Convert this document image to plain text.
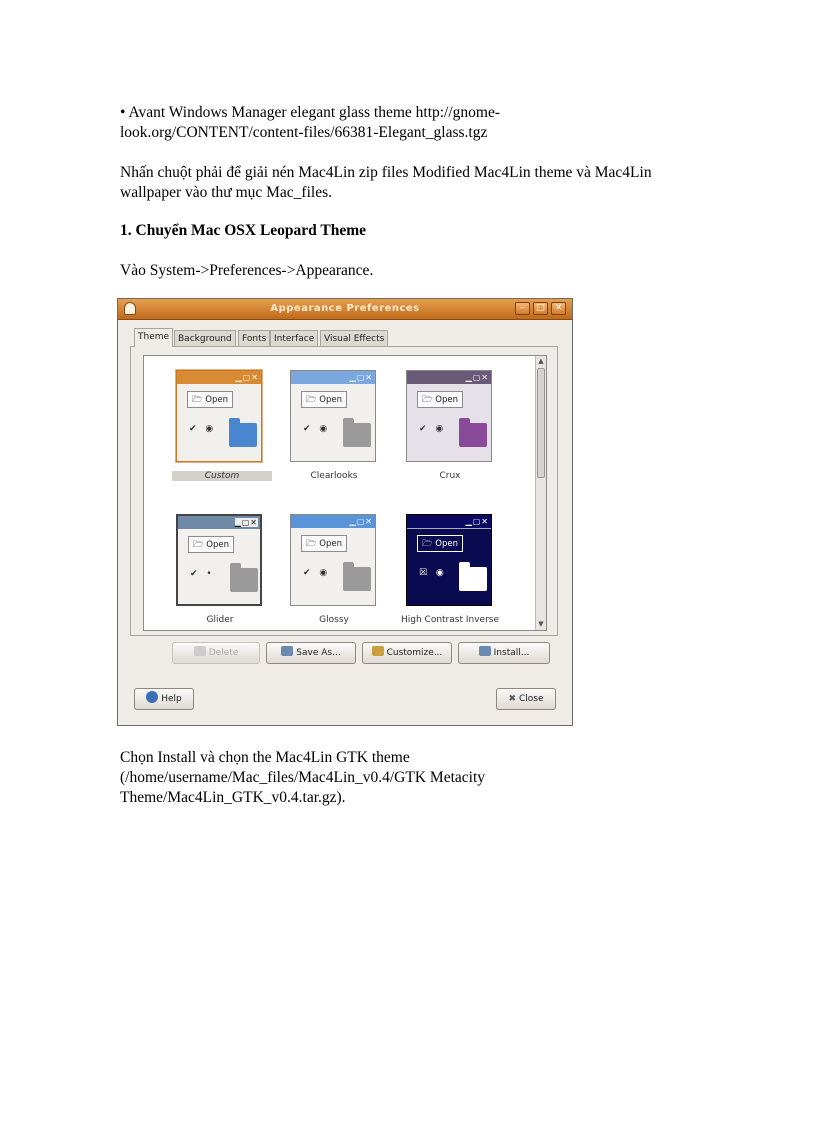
• Avant Windows Manager elegant glass theme http://gnome-
look.org/CONTENT/content-files/66381-Elegant_glass.tgz
Nhấn chuột phải để giải nén Mac4Lin zip files Modified Mac4Lin theme và Mac4Lin
wallpaper vào thư mục Mac_files.
1. Chuyển Mac OSX Leopard Theme
Vào System->Preferences->Appearance.
Appearance Preferences	–	□	✕
Theme Background	Fonts Interface	Visual Effects
▁▢✕
🗁 Open
✔ ◉
Custom
▁▢✕
🗁 Open
✔ ◉
Clearlooks
▁▢✕
🗁 Open
✔ ◉
Crux
▁▢✕
🗁 Open
✔ •
Glider
▁▢✕
🗁 Open
✔ ◉
Glossy
▁▢✕
🗁 Open
☒ ◉
High Contrast Inverse
▲
▼
Delete	Save As...	Customize...	Install...
Help	✖ Close
Chọn Install và chọn the Mac4Lin GTK theme
(/home/username/Mac_files/Mac4Lin_v0.4/GTK Metacity
Theme/Mac4Lin_GTK_v0.4.tar.gz).
